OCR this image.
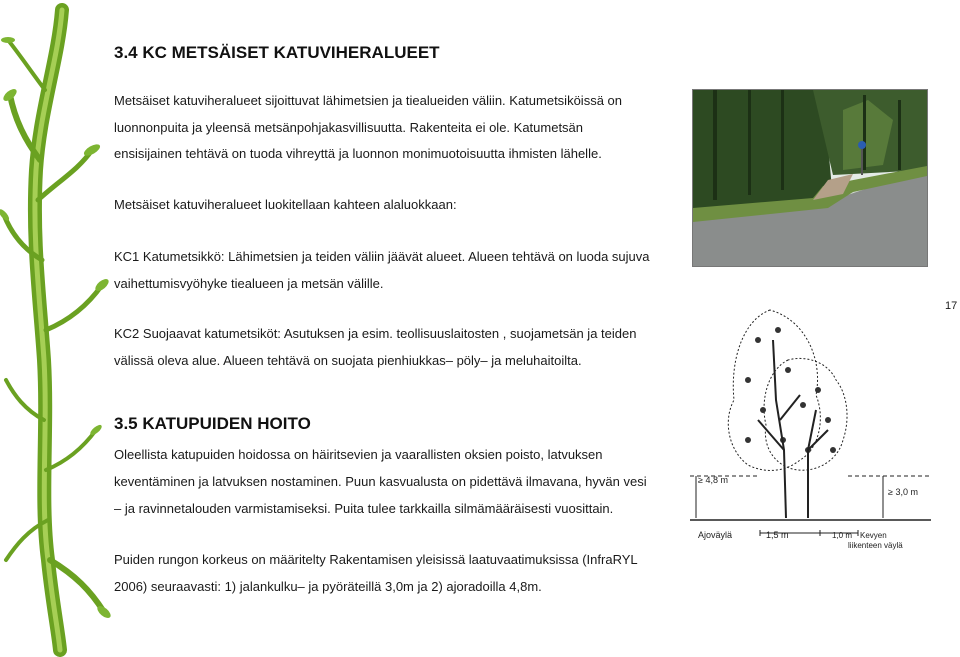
3.4 KC METSÄISET KATUVIHERALUEET
Metsäiset katuviheralueet sijoittuvat lähimetsien ja tiealueiden väliin. Katumetsiköissä on
luonnonpuita ja yleensä metsänpohjakasvillisuutta. Rakenteita ei ole. Katumetsän
ensisijainen tehtävä on tuoda vihreyttä ja luonnon monimuotoisuutta ihmisten lähelle.
Metsäiset katuviheralueet luokitellaan kahteen alaluokkaan:
KC1 Katumetsikkö: Lähimetsien ja teiden väliin jäävät alueet. Alueen tehtävä on luoda sujuva
vaihettumisvyöhyke tiealueen ja metsän välille.
KC2 Suojaavat katumetsiköt: Asutuksen ja esim. teollisuuslaitosten , suojametsän ja teiden
välissä oleva alue. Alueen tehtävä on suojata pienhiukkas– pöly– ja meluhaitoilta.
3.5 KATUPUIDEN HOITO
Oleellista katupuiden hoidossa on häiritsevien ja vaarallisten oksien poisto, latvuksen
keventäminen ja latvuksen nostaminen. Puun kasvualusta on pidettävä ilmavana, hyvän vesi
– ja ravinnetalouden varmistamiseksi. Puita tulee tarkkailla silmämääräisesti vuosittain.
Puiden rungon korkeus on määritelty Rakentamisen yleisissä laatuvaatimuksissa (InfraRYL
2006) seuraavasti: 1) jalankulku– ja pyöräteillä 3,0m ja 2) ajoradoilla 4,8m.
17
≥ 4,8 m
≥ 3,0 m
Ajoväylä	1,5 m	1,0 m Kevyen
liikenteen väylä
